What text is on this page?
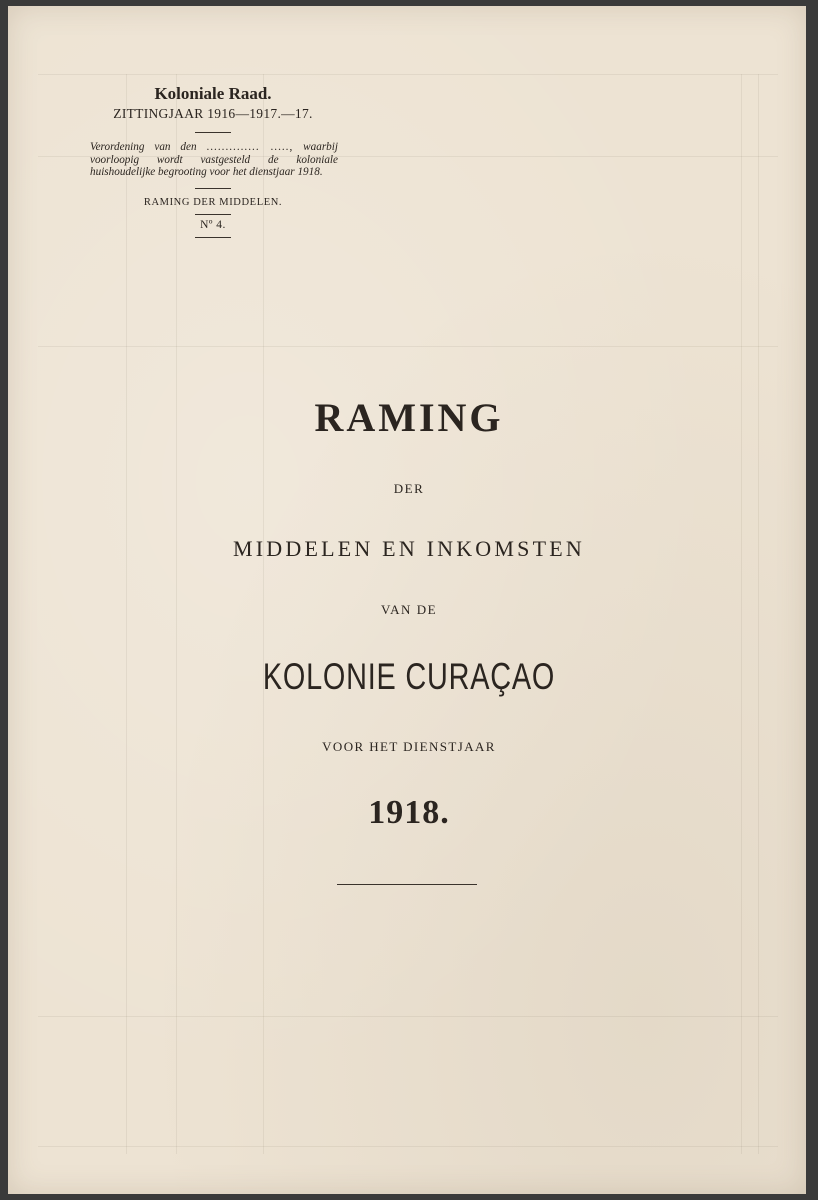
Koloniale Raad.

ZITTINGJAAR 1916—1917.—17.
Verordening van den .............. ....., waarbij voorloopig wordt vastgesteld de koloniale huishoudelijke begrooting voor het dienstjaar 1918.
RAMING DER MIDDELEN.
Nº 4.

RAMING

DER

MIDDELEN EN INKOMSTEN

VAN DE

KOLONIE CURAÇAO

VOOR HET DIENSTJAAR

1918.
